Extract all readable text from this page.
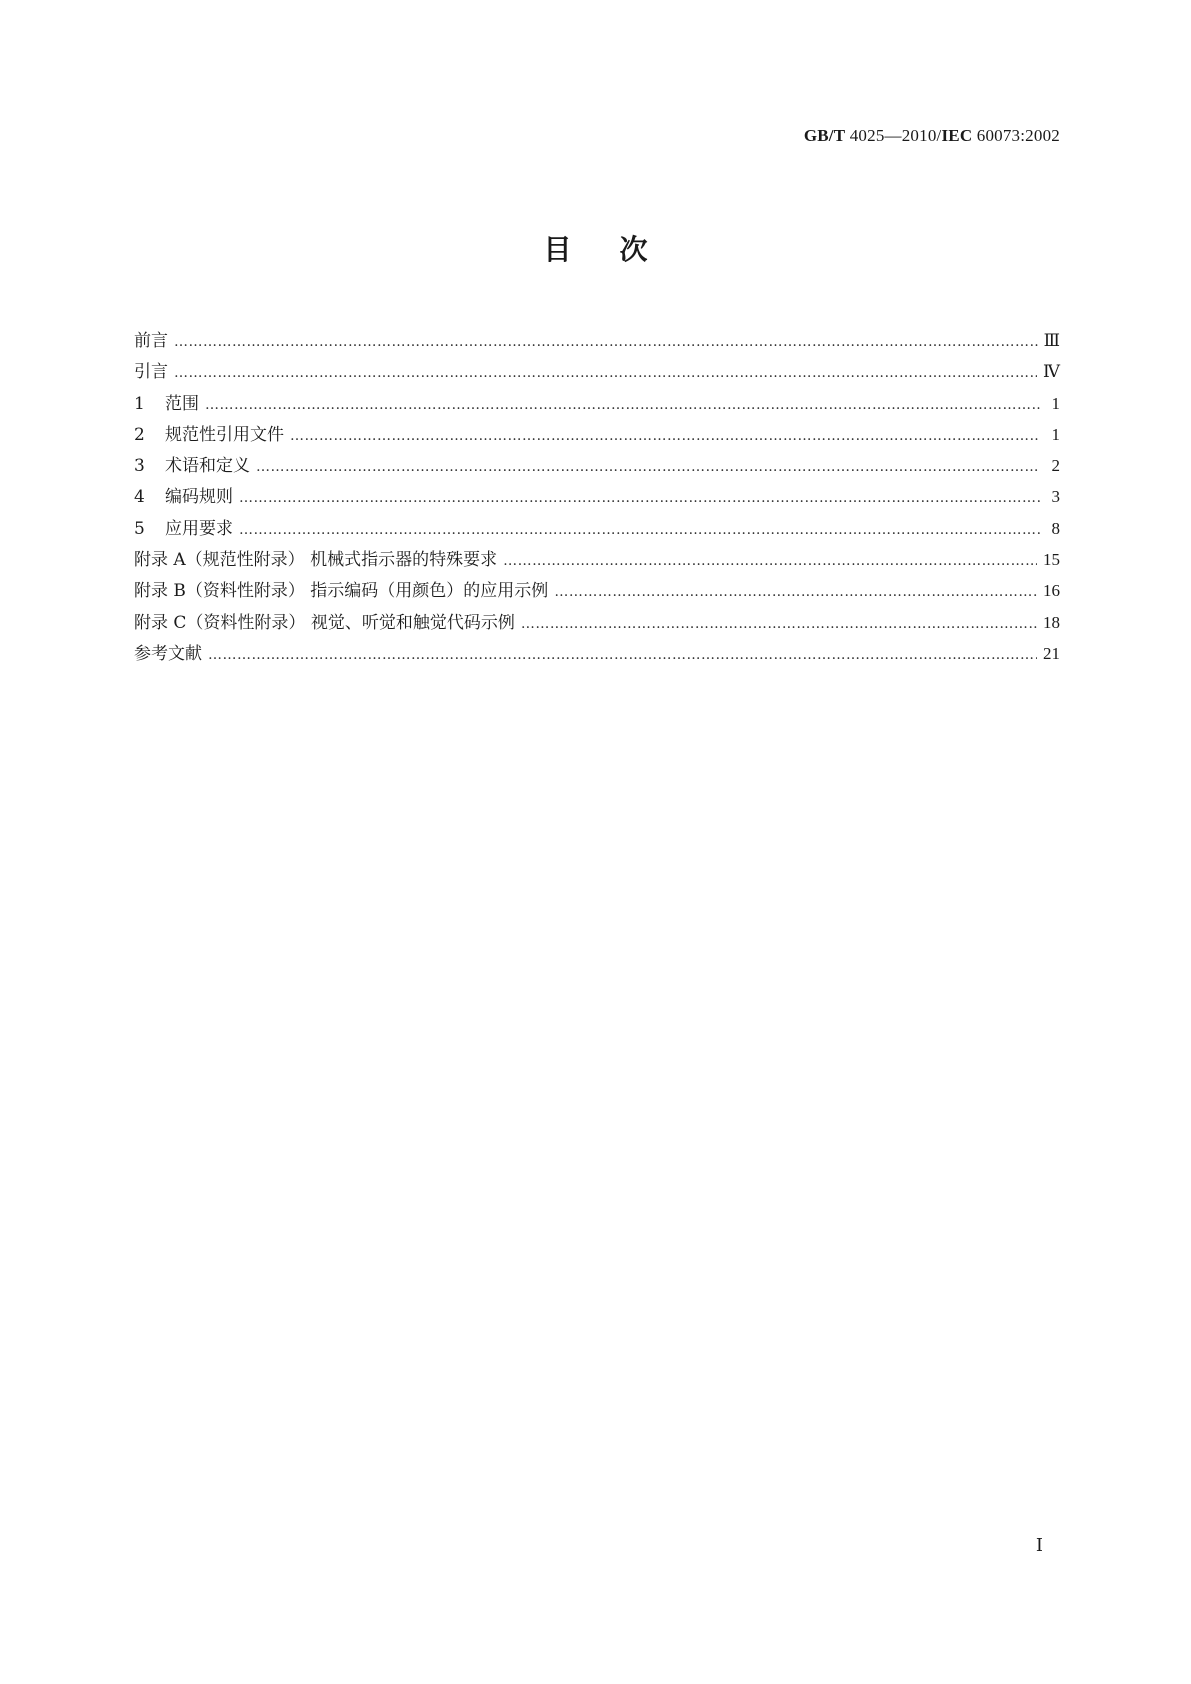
GB/T 4025—2010/IEC 60073:2002
目次
前言 ………………………………………………………………………………………………………………………………………………………………………………………………………………	Ⅲ
引言 ………………………………………………………………………………………………………………………………………………………………………………………………………………	Ⅳ
1 范围 ………………………………………………………………………………………………………………………………………………………………………………………………………………	1
2 规范性引用文件 ………………………………………………………………………………………………………………………………………………………………………………………………………………	1
3 术语和定义 ………………………………………………………………………………………………………………………………………………………………………………………………………………	2
4 编码规则 ………………………………………………………………………………………………………………………………………………………………………………………………………………	3
5 应用要求 ………………………………………………………………………………………………………………………………………………………………………………………………………………	8
附录 A（规范性附录） 机械式指示器的特殊要求 ………………………………………………………………………………………………………………………………………………………………………………………………………………	15
附录 B（资料性附录） 指示编码（用颜色）的应用示例 ………………………………………………………………………………………………………………………………………………………………………………………………………………	16
附录 C（资料性附录） 视觉、听觉和触觉代码示例 ………………………………………………………………………………………………………………………………………………………………………………………………………………	18
参考文献 ………………………………………………………………………………………………………………………………………………………………………………………………………………	21
Ⅰ
